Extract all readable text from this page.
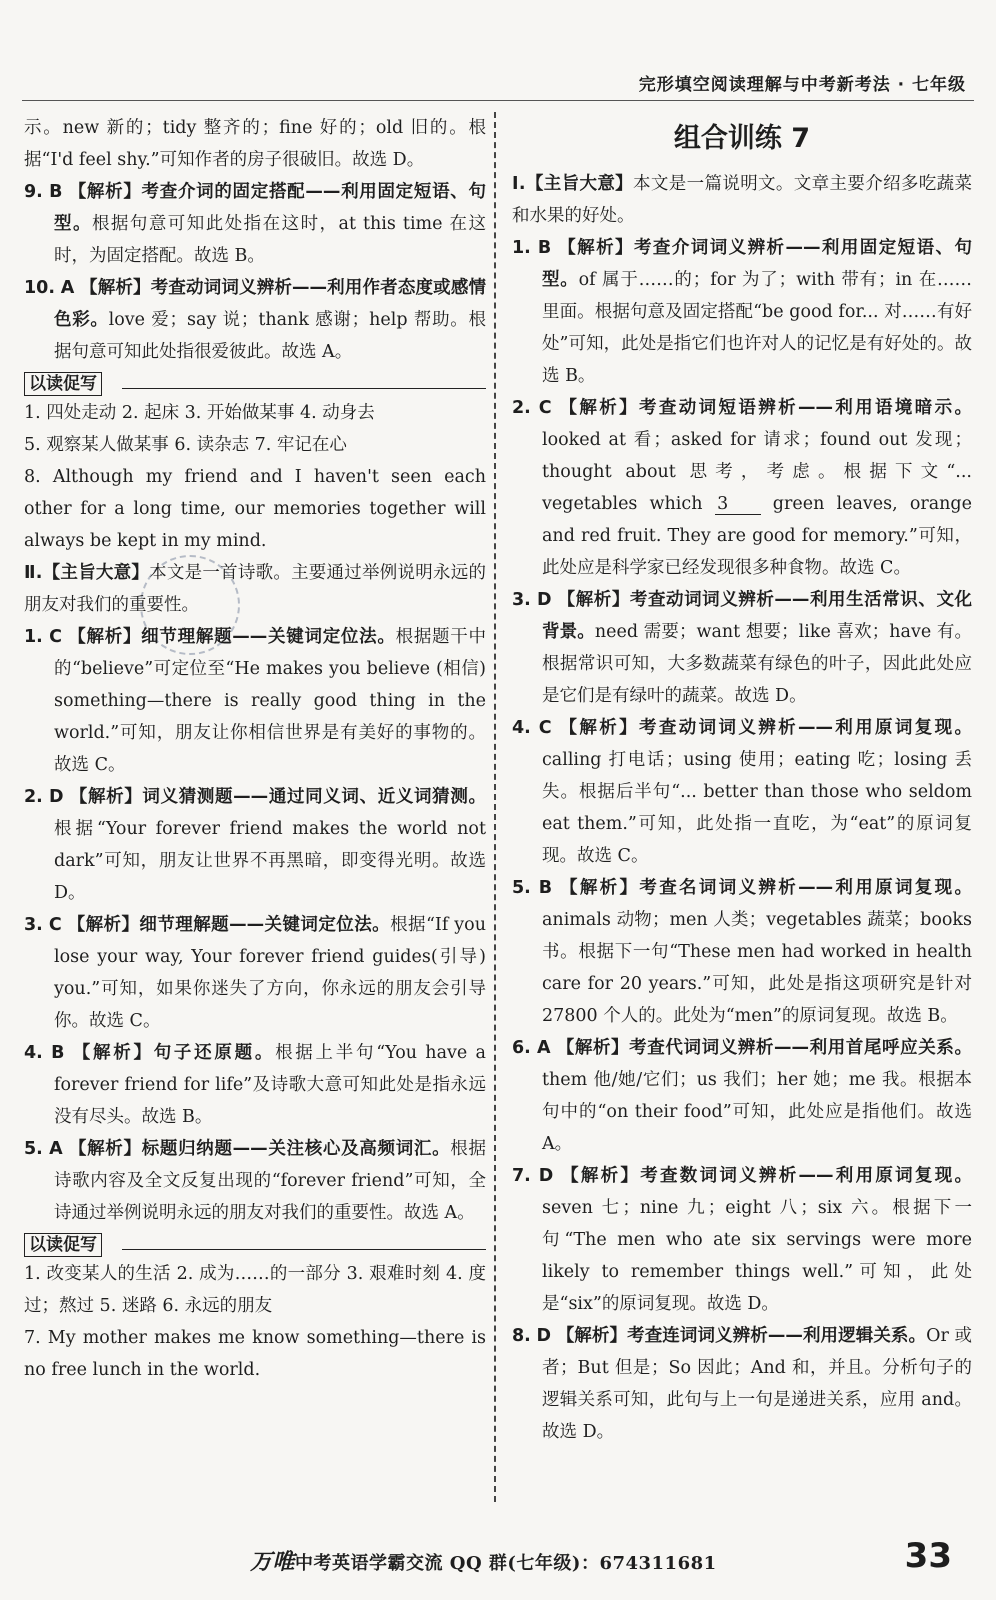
完形填空阅读理解与中考新考法 · 七年级

示。new 新的；tidy 整齐的；fine 好的；old 旧的。根据“I'd feel shy.”可知作者的房子很破旧。故选 D。

9. B 【解析】考查介词的固定搭配——利用固定短语、句型。根据句意可知此处指在这时，at this time 在这时，为固定搭配。故选 B。

10. A 【解析】考查动词词义辨析——利用作者态度或感情色彩。love 爱；say 说；thank 感谢；help 帮助。根据句意可知此处指很爱彼此。故选 A。

以读促写

1. 四处走动 2. 起床 3. 开始做某事 4. 动身去

5. 观察某人做某事 6. 读杂志 7. 牢记在心

8. Although my friend and I haven't seen each other for a long time, our memories together will always be kept in my mind.

Ⅱ.【主旨大意】本文是一首诗歌。主要通过举例说明永远的朋友对我们的重要性。

1. C 【解析】细节理解题——关键词定位法。根据题干中的“believe”可定位至“He makes you believe (相信) something—there is really good thing in the world.”可知，朋友让你相信世界是有美好的事物的。故选 C。

2. D 【解析】词义猜测题——通过同义词、近义词猜测。根据“Your forever friend makes the world not dark”可知，朋友让世界不再黑暗，即变得光明。故选 D。

3. C 【解析】细节理解题——关键词定位法。根据“If you lose your way, Your forever friend guides(引导) you.”可知，如果你迷失了方向，你永远的朋友会引导你。故选 C。

4. B 【解析】句子还原题。根据上半句“You have a forever friend for life”及诗歌大意可知此处是指永远没有尽头。故选 B。

5. A 【解析】标题归纳题——关注核心及高频词汇。根据诗歌内容及全文反复出现的“forever friend”可知，全诗通过举例说明永远的朋友对我们的重要性。故选 A。

以读促写

1. 改变某人的生活 2. 成为……的一部分 3. 艰难时刻 4. 度过；熬过 5. 迷路 6. 永远的朋友

7. My mother makes me know something—there is no free lunch in the world.

组合训练 7

Ⅰ.【主旨大意】本文是一篇说明文。文章主要介绍多吃蔬菜和水果的好处。

1. B 【解析】考查介词词义辨析——利用固定短语、句型。of 属于……的；for 为了；with 带有；in 在……里面。根据句意及固定搭配“be good for... 对……有好处”可知，此处是指它们也许对人的记忆是有好处的。故选 B。

2. C 【解析】考查动词短语辨析——利用语境暗示。looked at 看；asked for 请求；found out 发现；thought about 思考，考虑。根据下文“... vegetables which 3	green leaves, orange and red fruit. They are good for memory.”可知，此处应是科学家已经发现很多种食物。故选 C。

3. D 【解析】考查动词词义辨析——利用生活常识、文化背景。need 需要；want 想要；like 喜欢；have 有。根据常识可知，大多数蔬菜有绿色的叶子，因此此处应是它们是有绿叶的蔬菜。故选 D。

4. C 【解析】考查动词词义辨析——利用原词复现。calling 打电话；using 使用；eating 吃；losing 丢失。根据后半句“... better than those who seldom eat them.”可知，此处指一直吃，为“eat”的原词复现。故选 C。

5. B 【解析】考查名词词义辨析——利用原词复现。animals 动物；men 人类；vegetables 蔬菜；books 书。根据下一句“These men had worked in health care for 20 years.”可知，此处是指这项研究是针对 27800 个人的。此处为“men”的原词复现。故选 B。

6. A 【解析】考查代词词义辨析——利用首尾呼应关系。them 他/她/它们；us 我们；her 她；me 我。根据本句中的“on their food”可知，此处应是指他们。故选 A。

7. D 【解析】考查数词词义辨析——利用原词复现。seven 七；nine 九；eight 八；six 六。根据下一句“The men who ate six servings were more likely to remember things well.”可知，此处是“six”的原词复现。故选 D。

8. D 【解析】考查连词词义辨析——利用逻辑关系。Or 或者；But 但是；So 因此；And 和，并且。分析句子的逻辑关系可知，此句与上一句是递进关系，应用 and。故选 D。

万唯中考英语学霸交流 QQ 群(七年级)：674311681	33
